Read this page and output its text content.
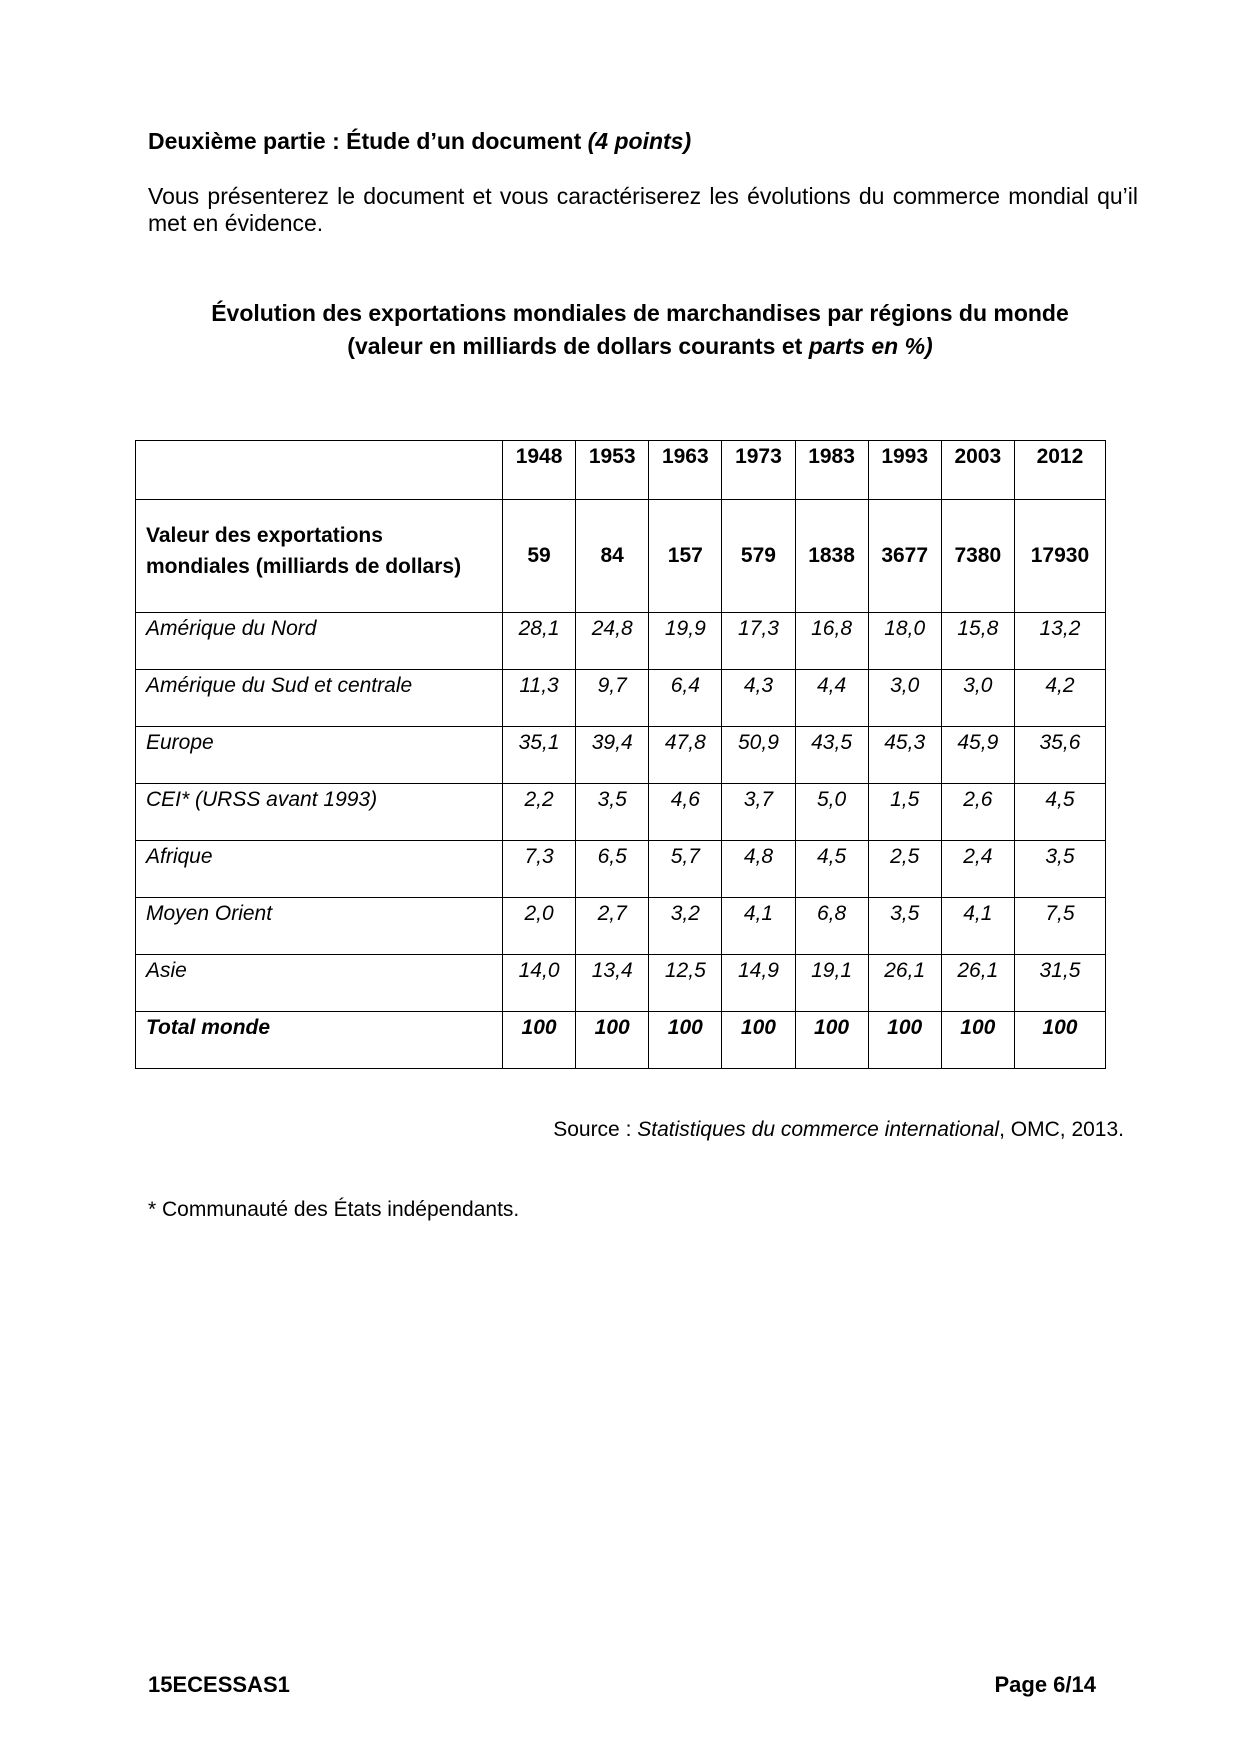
Deuxième partie : Étude d’un document (4 points)
Vous présenterez le document et vous caractériserez les évolutions du commerce mondial qu’il met en évidence.
Évolution des exportations mondiales de marchandises par régions du monde
(valeur en milliards de dollars courants et parts en %)
	1948	1953	1963	1973	1983	1993	2003	2012
Valeur des exportations mondiales (milliards de dollars)	59	84	157	579	1838	3677	7380	17930
Amérique du Nord	28,1	24,8	19,9	17,3	16,8	18,0	15,8	13,2
Amérique du Sud et centrale	11,3	9,7	6,4	4,3	4,4	3,0	3,0	4,2
Europe	35,1	39,4	47,8	50,9	43,5	45,3	45,9	35,6
CEI* (URSS avant 1993)	2,2	3,5	4,6	3,7	5,0	1,5	2,6	4,5
Afrique	7,3	6,5	5,7	4,8	4,5	2,5	2,4	3,5
Moyen Orient	2,0	2,7	3,2	4,1	6,8	3,5	4,1	7,5
Asie	14,0	13,4	12,5	14,9	19,1	26,1	26,1	31,5
Total monde	100	100	100	100	100	100	100	100
Source : Statistiques du commerce international, OMC, 2013.
* Communauté des États indépendants.
15ECESSAS1	Page 6/14
